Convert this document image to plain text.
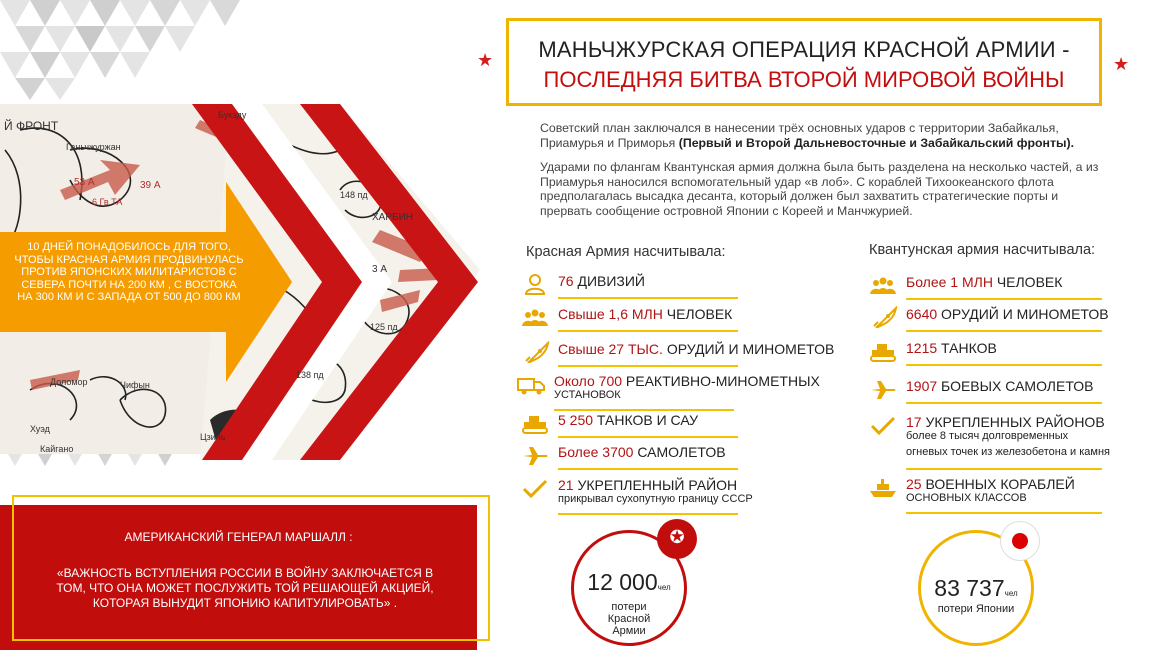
Й ФРОНТ
53 А	39 А
6 Гв.ТА
ХАРБИН
3 А
Букэду
Ганьчжуржан
Хуэд
Кайгано
Доломор	Чифын
Цзинь
125 пд
148 пд
138 пд
10 ДНЕЙ ПОНАДОБИЛОСЬ ДЛЯ ТОГО, ЧТОБЫ КРАСНАЯ АРМИЯ ПРОДВИНУЛАСЬ ПРОТИВ ЯПОНСКИХ МИЛИТАРИСТОВ С СЕВЕРА ПОЧТИ НА 200 КМ , С ВОСТОКА НА 300 КМ И С ЗАПАДА ОТ 500 ДО 800 КМ
АМЕРИКАНСКИЙ ГЕНЕРАЛ МАРШАЛЛ :
«ВАЖНОСТЬ ВСТУПЛЕНИЯ РОССИИ В ВОЙНУ ЗАКЛЮЧАЕТСЯ В ТОМ, ЧТО ОНА МОЖЕТ ПОСЛУЖИТЬ ТОЙ РЕШАЮЩЕЙ АКЦИЕЙ, КОТОРАЯ ВЫНУДИТ ЯПОНИЮ КАПИТУЛИРОВАТЬ» .
★	★
МАНЬЧЖУРСКАЯ ОПЕРАЦИЯ КРАСНОЙ АРМИИ -
ПОСЛЕДНЯЯ БИТВА ВТОРОЙ МИРОВОЙ ВОЙНЫ

Советский план заключался в нанесении трёх основных ударов с территории Забайкалья, Приамурья и Приморья (Первый и Второй Дальневосточные и Забайкальский фронты).

Ударами по флангам Квантунская армия должна была быть разделена на несколько частей, а из Приамурья наносился вспомогательный удар «в лоб». С кораблей Тихоокеанского флота предполагалась высадка десанта, который должен был захватить стратегические порты и прервать сообщение островной Японии с Кореей и Манчжурией.

Красная Армия насчитывала:
76 ДИВИЗИЙ
Свыше 1,6 МЛН ЧЕЛОВЕК
Свыше 27 ТЫС. ОРУДИЙ И МИНОМЕТОВ
Около 700 РЕАКТИВНО-МИНОМЕТНЫХ
УСТАНОВОК
5 250 ТАНКОВ И САУ
Более 3700 САМОЛЕТОВ
21 УКРЕПЛЕННЫЙ РАЙОН
прикрывал сухопутную границу СССР
Квантунская армия насчитывала:
Более 1 МЛН ЧЕЛОВЕК
6640 ОРУДИЙ И МИНОМЕТОВ
1215 ТАНКОВ
1907 БОЕВЫХ САМОЛЕТОВ
17 УКРЕПЛЕННЫХ РАЙОНОВ
более 8 тысяч долговременных
огневых точек из железобетона и камня
25 ВОЕННЫХ КОРАБЛЕЙ
ОСНОВНЫХ КЛАССОВ
12 000чел
потери Красной Армии
✪
83 737чел
потери Японии
